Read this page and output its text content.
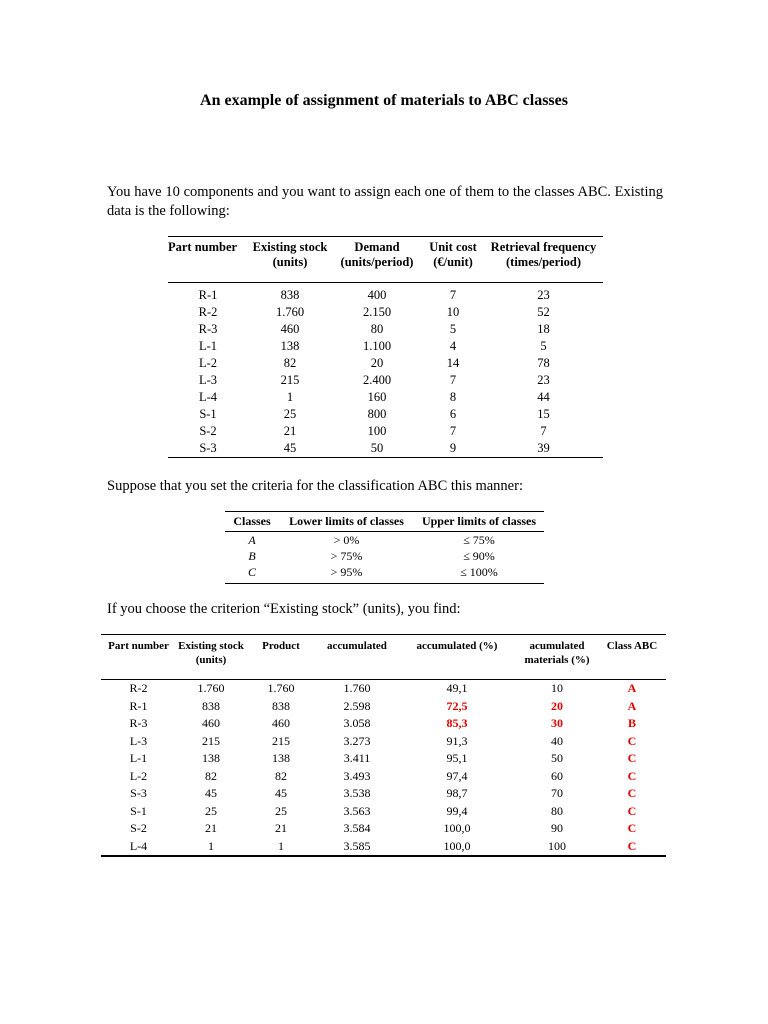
An example of assignment of materials to ABC classes
You have 10 components and you want to assign each one of them to the classes ABC. Existing data is the following:
Part number	Existing stock (units)	Demand (units/period)	Unit cost (€/unit)	Retrieval frequency (times/period)
R-1	838	400	7	23
R-2	1.760	2.150	10	52
R-3	460	80	5	18
L-1	138	1.100	4	5
L-2	82	20	14	78
L-3	215	2.400	7	23
L-4	1	160	8	44
S-1	25	800	6	15
S-2	21	100	7	7
S-3	45	50	9	39
Suppose that you set the criteria for the classification ABC this manner:
Classes	Lower limits of classes	Upper limits of classes
A	> 0%	≤ 75%
B	> 75%	≤ 90%
C	> 95%	≤ 100%
If you choose the criterion “Existing stock” (units), you find:
Part number	Existing stock (units)	Product	accumulated	accumulated (%)	acumulated materials (%)	Class ABC
R-2	1.760	1.760	1.760	49,1	10	A
R-1	838	838	2.598	72,5	20	A
R-3	460	460	3.058	85,3	30	B
L-3	215	215	3.273	91,3	40	C
L-1	138	138	3.411	95,1	50	C
L-2	82	82	3.493	97,4	60	C
S-3	45	45	3.538	98,7	70	C
S-1	25	25	3.563	99,4	80	C
S-2	21	21	3.584	100,0	90	C
L-4	1	1	3.585	100,0	100	C
